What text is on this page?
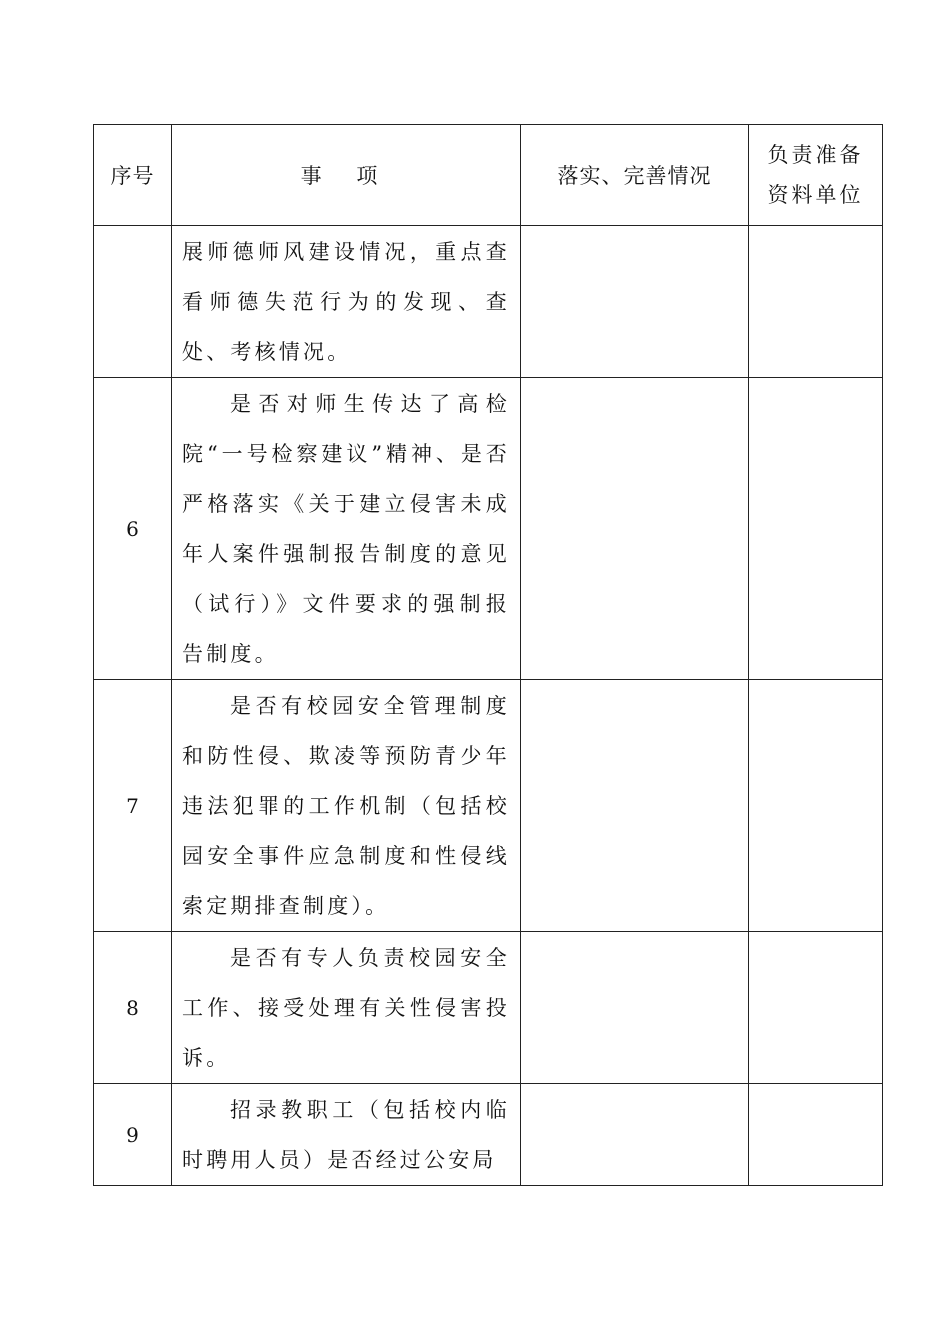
序号	事 项	落实、完善情况	负责准备
资料单位

	展师德师风建设情况，重点查看师德失范行为的发现、查处、考核情况。		

6	是否对师生传达了高检院“一号检察建议”精神、是否严格落实《关于建立侵害未成年人案件强制报告制度的意见（试行）》文件要求的强制报告制度。		

7	是否有校园安全管理制度和防性侵、欺凌等预防青少年违法犯罪的工作机制（包括校园安全事件应急制度和性侵线索定期排查制度）。		

8	是否有专人负责校园安全工作、接受处理有关性侵害投诉。		

9	招录教职工（包括校内临时聘用人员）是否经过公安局		
